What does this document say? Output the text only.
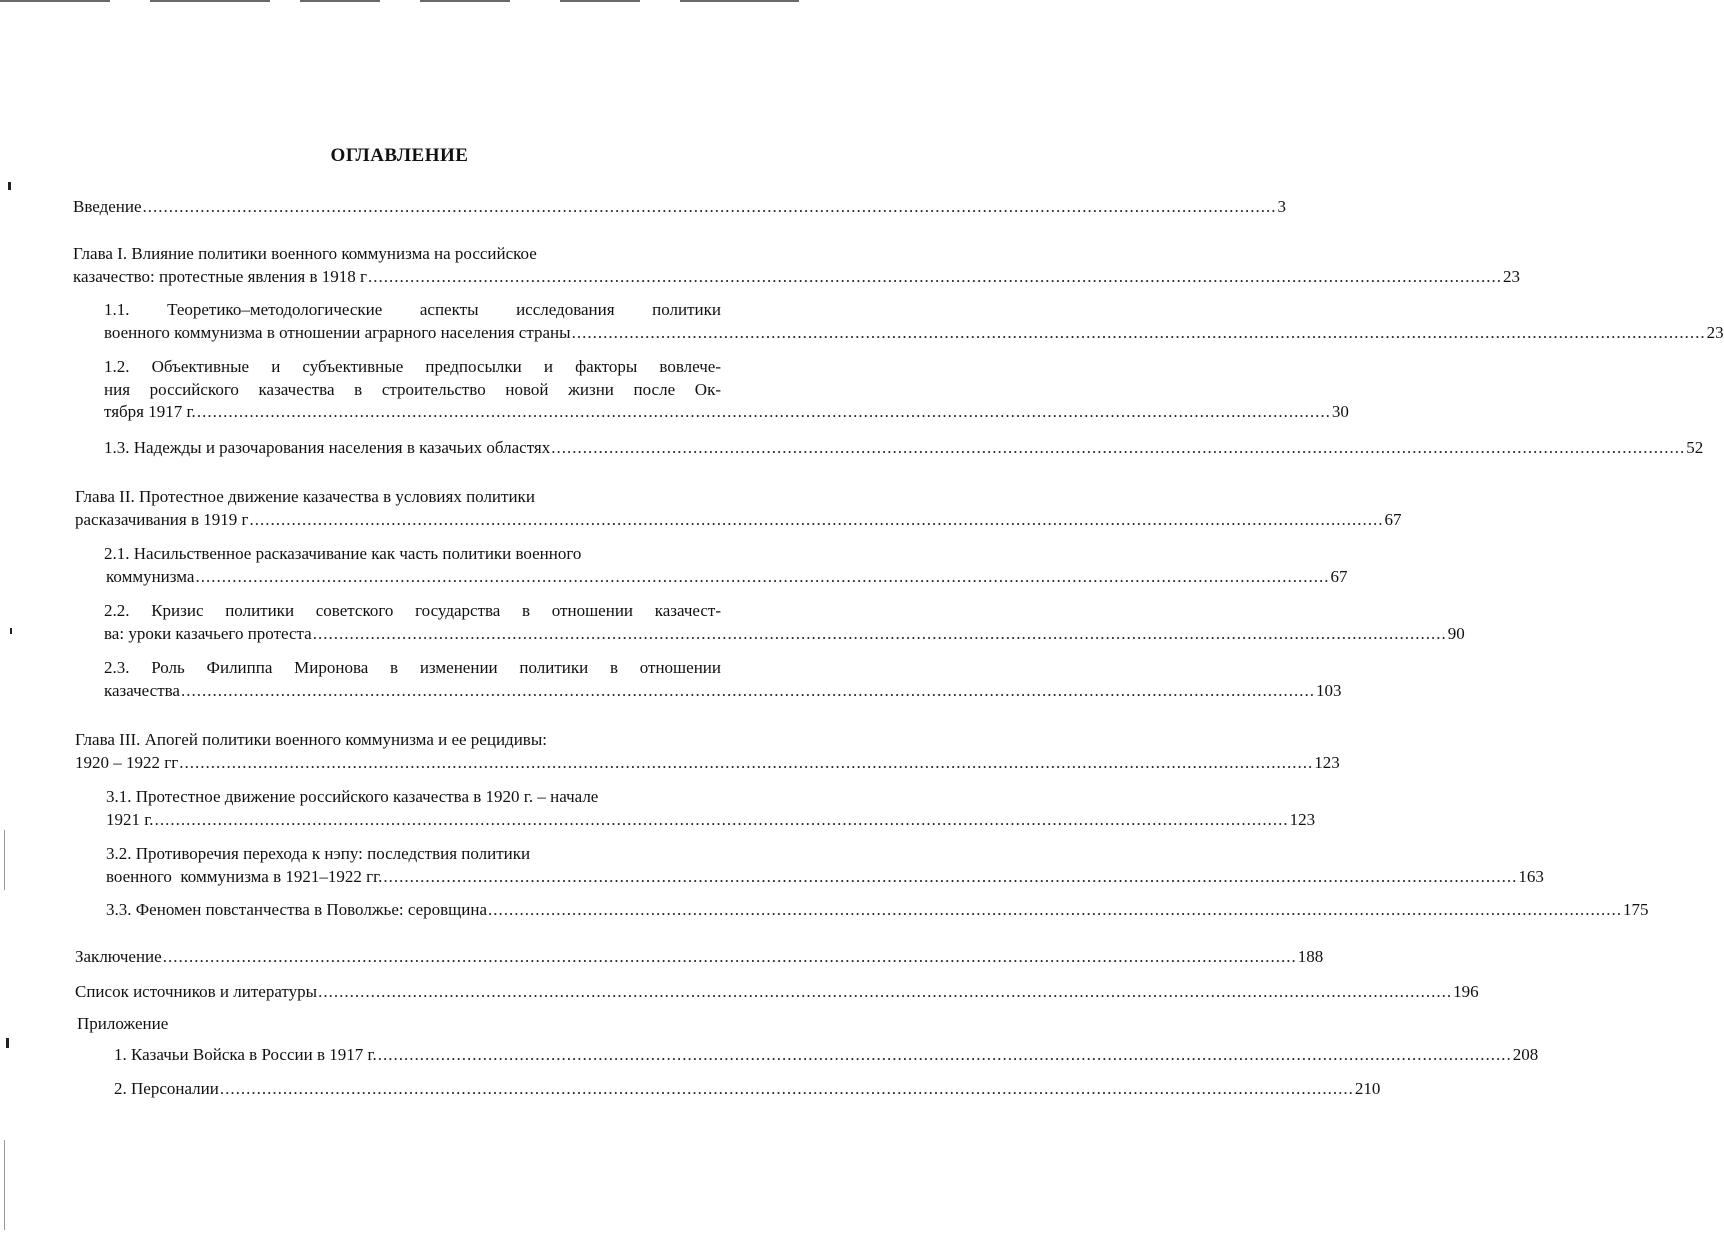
ОГЛАВЛЕНИЕ
Введение .....	3
Глава I. Влияние политики военного коммунизма на российское
казачество: протестные явления в 1918 г .....	23
1.1. Теоретико–методологические аспекты исследования политики
военного коммунизма в отношении аграрного населения страны .....	23
1.2. Объективные и субъективные предпосылки и факторы вовлече-
ния российского казачества в строительство новой жизни после Ок-
тября 1917 г. .....	30
1.3. Надежды и разочарования населения в казачьих областях .....	52
Глава II. Протестное движение казачества в условиях политики
расказачивания в 1919 г .....	67
2.1. Насильственное расказачивание как часть политики военного
коммунизма .....	67
2.2. Кризис политики советского государства в отношении казачест-
ва: уроки казачьего протеста .....	90
2.3. Роль Филиппа Миронова в изменении политики в отношении
казачества .....	103
Глава III. Апогей политики военного коммунизма и ее рецидивы:
1920 – 1922 гг .....	123
3.1. Протестное движение российского казачества в 1920 г. – начале
1921 г. .....	123
3.2. Противоречия перехода к нэпу: последствия политики
военного  коммунизма в 1921–1922 гг. .....	163
3.3. Феномен повстанчества в Поволжье: серовщина .....	175
Заключение .....	188
Список источников и литературы .....	196
Приложение
1. Казачьи Войска в России в 1917 г. .....	208
2. Персоналии .....	210
